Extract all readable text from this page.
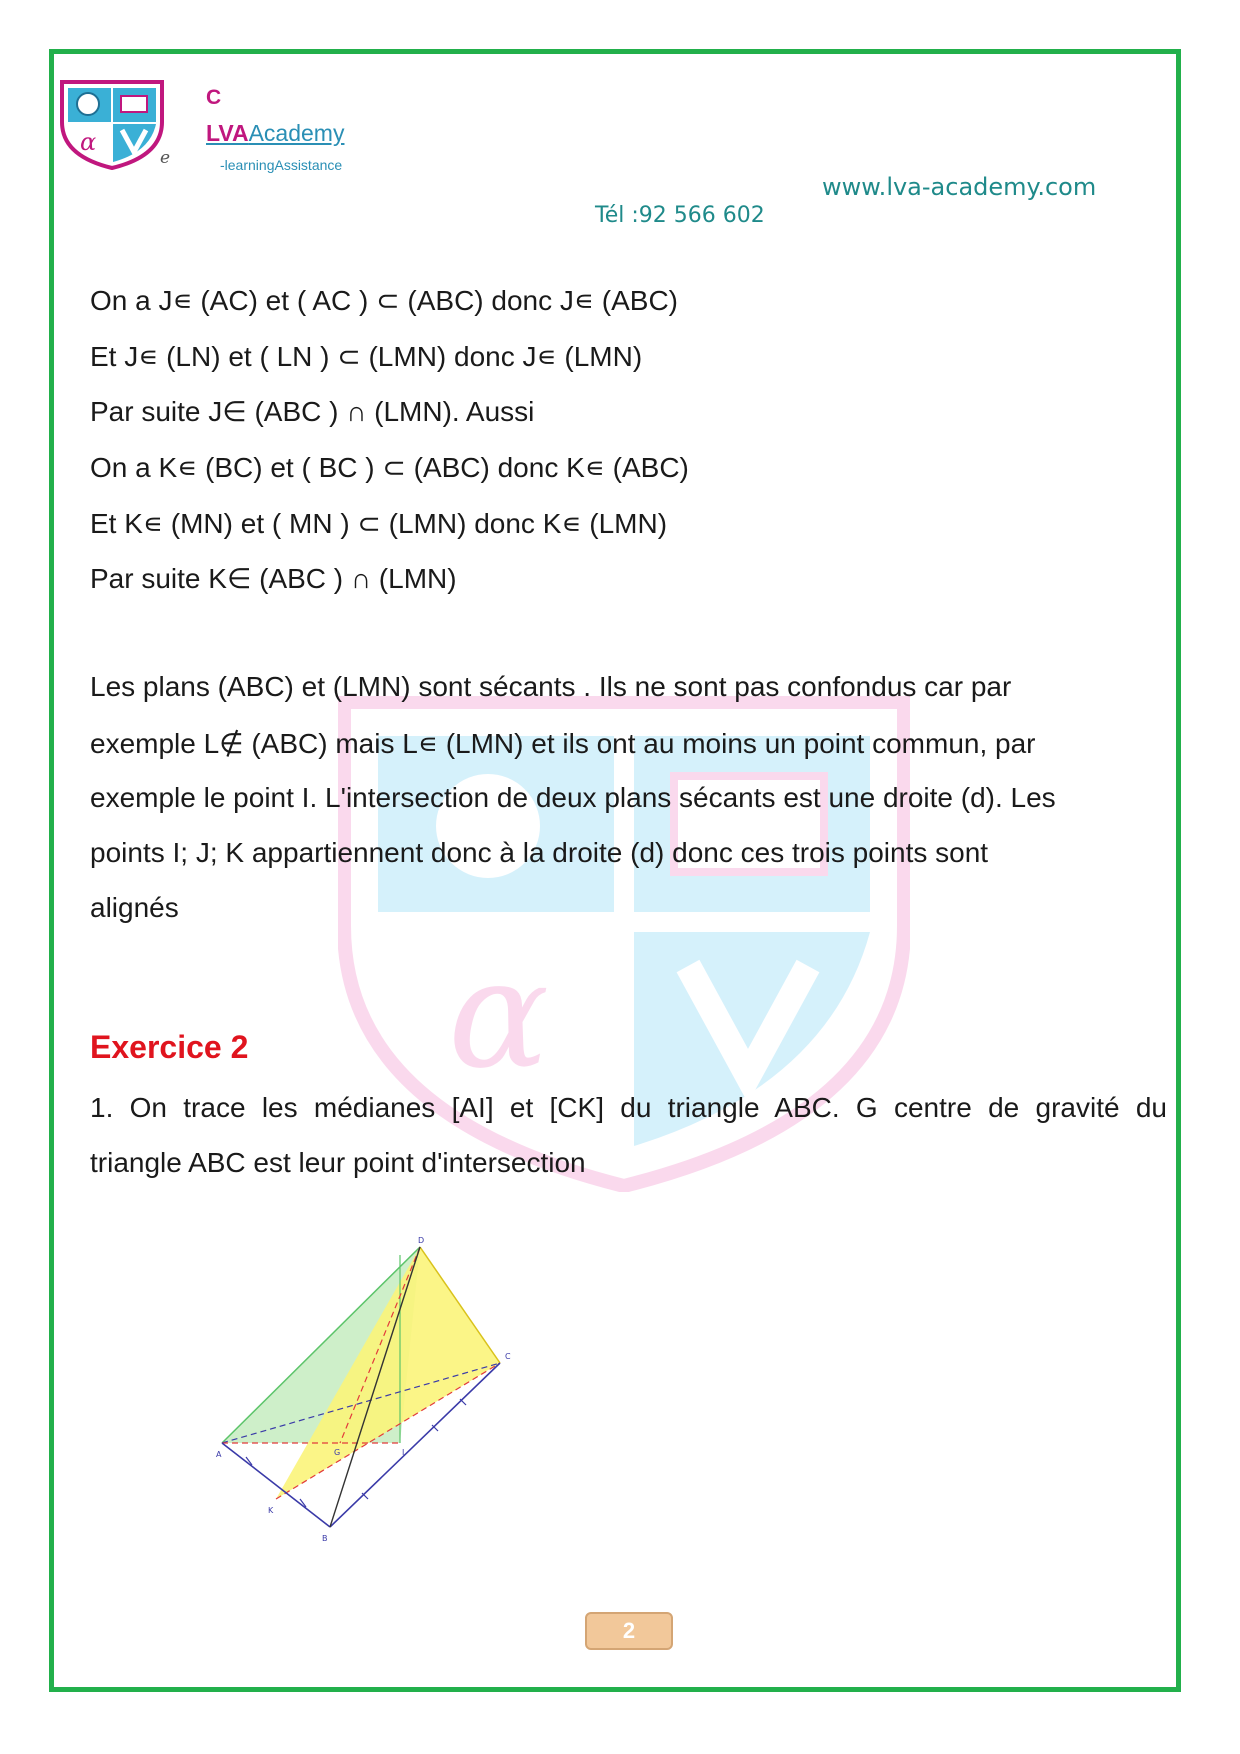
α
e
C
LVAAcademy
-learningAssistance
www.lva-academy.com
Tél :92 566 602
α
On a J∊ (AC) et ( AC ) ⊂ (ABC) donc J∊ (ABC)
Et J∊ (LN) et ( LN ) ⊂ (LMN) donc J∊ (LMN)
Par suite J∈ (ABC ) ∩ (LMN). Aussi
On a K∊ (BC) et ( BC ) ⊂ (ABC) donc K∊ (ABC)
Et K∊ (MN) et ( MN ) ⊂ (LMN) donc K∊ (LMN)
Par suite K∈ (ABC ) ∩ (LMN)
Les plans (ABC) et (LMN) sont sécants . Ils ne sont pas confondus car par
exemple L∉ (ABC) mais L∊ (LMN) et ils ont au moins un point commun, par
exemple le point I. L'intersection de deux plans sécants est une droite (d). Les
points I; J; K appartiennent donc à la droite (d) donc ces trois points sont
alignés
Exercice 2
1. On trace les médianes [AI] et [CK] du triangle ABC. G centre de gravité du
triangle ABC est leur point d'intersection
A
B
C
D
G	I
K
2
